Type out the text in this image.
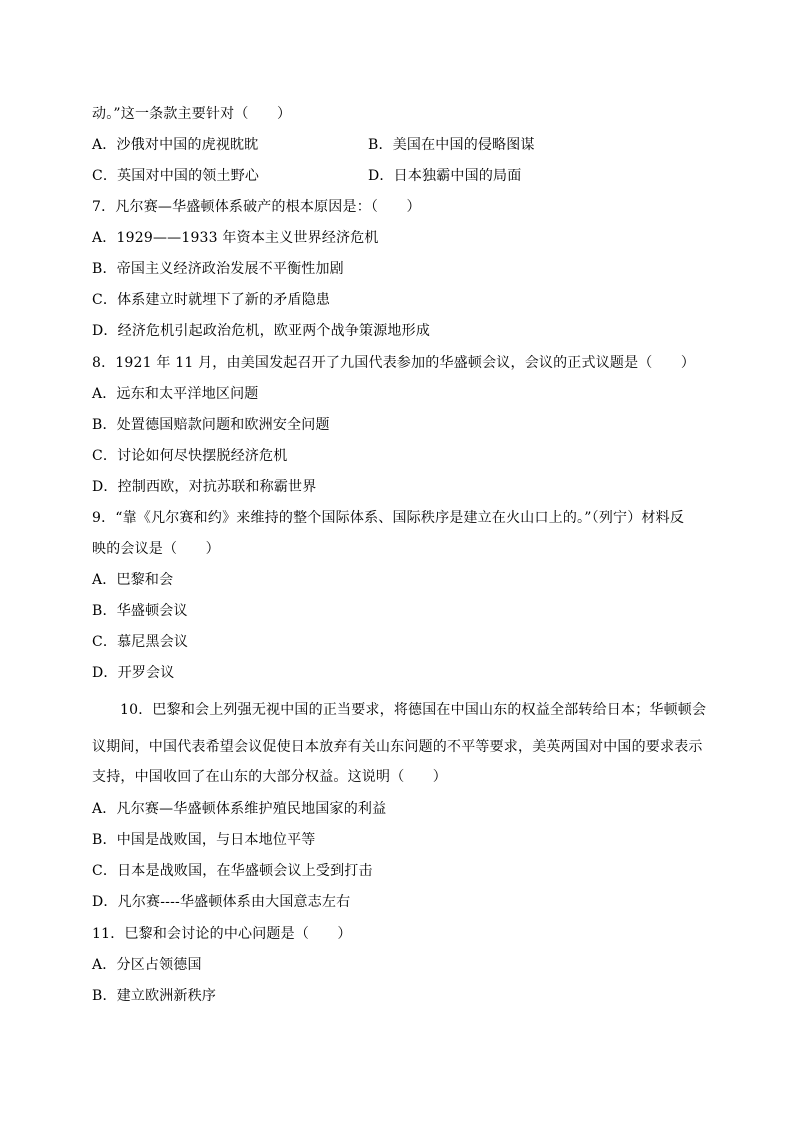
动。”这一条款主要针对（　　）
A．沙俄对中国的虎视眈眈	B．美国在中国的侵略图谋
C．英国对中国的领土野心	D．日本独霸中国的局面
7．凡尔赛—华盛顿体系破产的根本原因是：（　　）
A．1929——1933 年资本主义世界经济危机
B．帝国主义经济政治发展不平衡性加剧
C．体系建立时就埋下了新的矛盾隐患
D．经济危机引起政治危机，欧亚两个战争策源地形成
8．1921 年 11 月，由美国发起召开了九国代表参加的华盛顿会议，会议的正式议题是（　　）
A．远东和太平洋地区问题
B．处置德国赔款问题和欧洲安全问题
C．讨论如何尽快摆脱经济危机
D．控制西欧，对抗苏联和称霸世界
9．“靠《凡尔赛和约》来维持的整个国际体系、国际秩序是建立在火山口上的。”（列宁）材料反
映的会议是（　　）
A．巴黎和会
B．华盛顿会议
C．慕尼黑会议
D．开罗会议
10．巴黎和会上列强无视中国的正当要求，将德国在中国山东的权益全部转给日本；华顿顿会
议期间，中国代表希望会议促使日本放弃有关山东问题的不平等要求，美英两国对中国的要求表示
支持，中国收回了在山东的大部分权益。这说明（　　）
A．凡尔赛—华盛顿体系维护殖民地国家的利益
B．中国是战败国，与日本地位平等
C．日本是战败国，在华盛顿会议上受到打击
D．凡尔赛----华盛顿体系由大国意志左右
11．巳黎和会讨论的中心问题是（　　）
A．分区占领德国
B．建立欧洲新秩序
